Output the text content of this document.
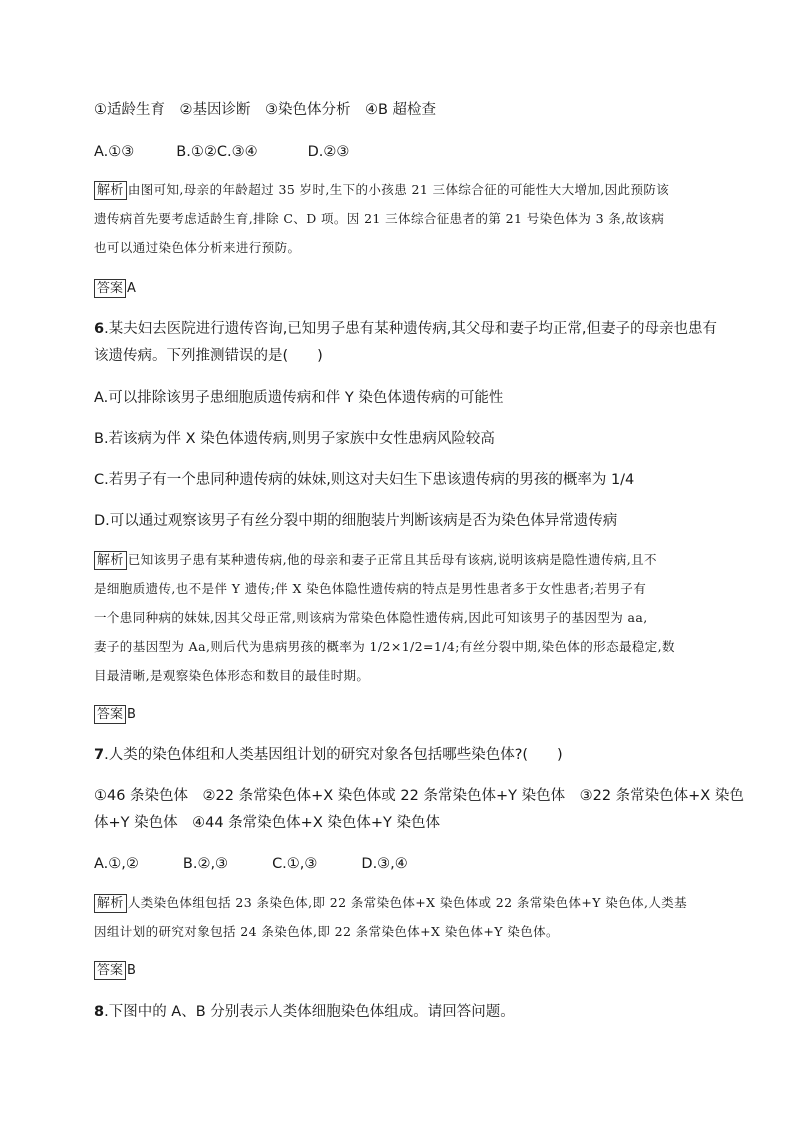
①适龄生育　②基因诊断　③染色体分析　④B 超检查
A.①③	B.①②C.③④	D.②③
解析 由图可知,母亲的年龄超过 35 岁时,生下的小孩患 21 三体综合征的可能性大大增加,因此预防该
遗传病首先要考虑适龄生育,排除 C、D 项。因 21 三体综合征患者的第 21 号染色体为 3 条,故该病
也可以通过染色体分析来进行预防。
答案 A
6.某夫妇去医院进行遗传咨询,已知男子患有某种遗传病,其父母和妻子均正常,但妻子的母亲也患有
该遗传病。下列推测错误的是(　　)
A.可以排除该男子患细胞质遗传病和伴 Y 染色体遗传病的可能性
B.若该病为伴 X 染色体遗传病,则男子家族中女性患病风险较高
C.若男子有一个患同种遗传病的妹妹,则这对夫妇生下患该遗传病的男孩的概率为 1/4
D.可以通过观察该男子有丝分裂中期的细胞装片判断该病是否为染色体异常遗传病
解析 已知该男子患有某种遗传病,他的母亲和妻子正常且其岳母有该病,说明该病是隐性遗传病,且不
是细胞质遗传,也不是伴 Y 遗传;伴 X 染色体隐性遗传病的特点是男性患者多于女性患者;若男子有
一个患同种病的妹妹,因其父母正常,则该病为常染色体隐性遗传病,因此可知该男子的基因型为 aa,
妻子的基因型为 Aa,则后代为患病男孩的概率为 1/2×1/2=1/4;有丝分裂中期,染色体的形态最稳定,数
目最清晰,是观察染色体形态和数目的最佳时期。
答案 B
7.人类的染色体组和人类基因组计划的研究对象各包括哪些染色体?(　　)
①46 条染色体　②22 条常染色体+X 染色体或 22 条常染色体+Y 染色体　③22 条常染色体+X 染色
体+Y 染色体　④44 条常染色体+X 染色体+Y 染色体
A.①,②	B.②,③	C.①,③	D.③,④
解析 人类染色体组包括 23 条染色体,即 22 条常染色体+X 染色体或 22 条常染色体+Y 染色体,人类基
因组计划的研究对象包括 24 条染色体,即 22 条常染色体+X 染色体+Y 染色体。
答案 B
8.下图中的 A、B 分别表示人类体细胞染色体组成。请回答问题。
